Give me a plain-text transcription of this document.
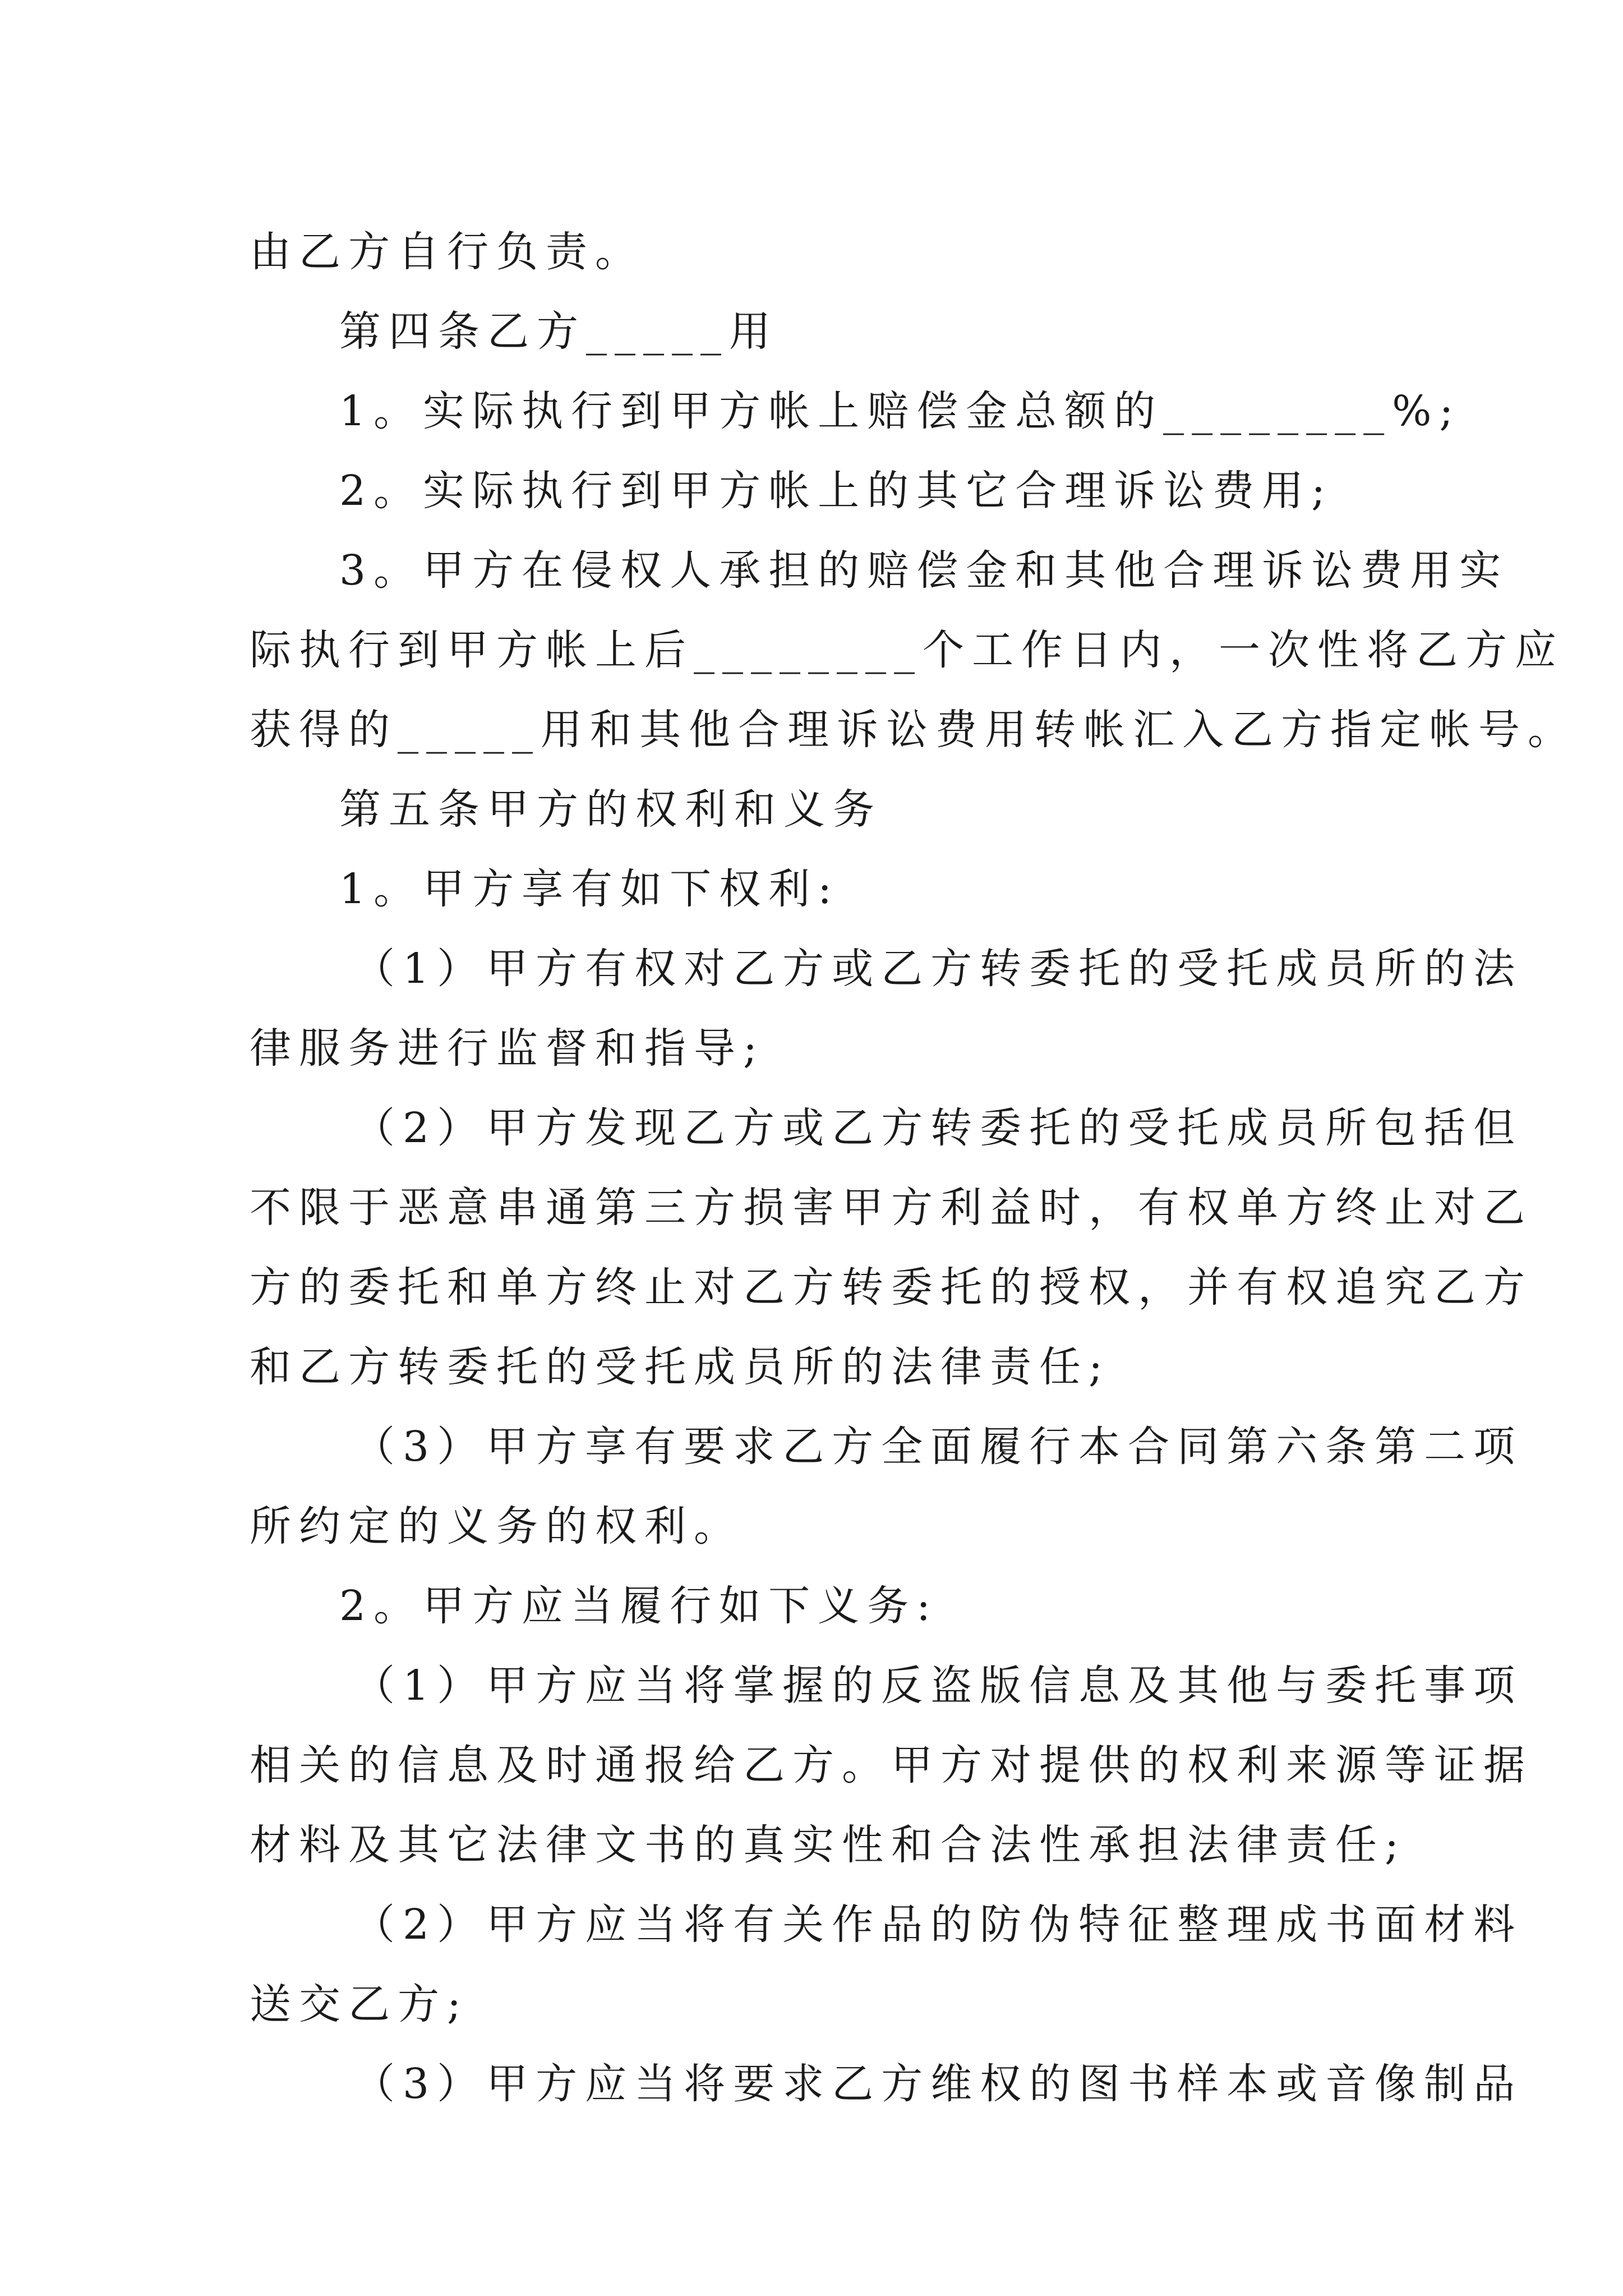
由乙方自行负责。
第四条乙方_____用
1。实际执行到甲方帐上赔偿金总额的________%;
2。实际执行到甲方帐上的其它合理诉讼费用;
3。甲方在侵权人承担的赔偿金和其他合理诉讼费用实
际执行到甲方帐上后________个工作日内，一次性将乙方应
获得的_____用和其他合理诉讼费用转帐汇入乙方指定帐号。
第五条甲方的权利和义务
1。甲方享有如下权利:
（1）甲方有权对乙方或乙方转委托的受托成员所的法
律服务进行监督和指导;
（2）甲方发现乙方或乙方转委托的受托成员所包括但
不限于恶意串通第三方损害甲方利益时，有权单方终止对乙
方的委托和单方终止对乙方转委托的授权，并有权追究乙方
和乙方转委托的受托成员所的法律责任;
（3）甲方享有要求乙方全面履行本合同第六条第二项
所约定的义务的权利。
2。甲方应当履行如下义务:
（1）甲方应当将掌握的反盗版信息及其他与委托事项
相关的信息及时通报给乙方。甲方对提供的权利来源等证据
材料及其它法律文书的真实性和合法性承担法律责任;
（2）甲方应当将有关作品的防伪特征整理成书面材料
送交乙方;
（3）甲方应当将要求乙方维权的图书样本或音像制品
